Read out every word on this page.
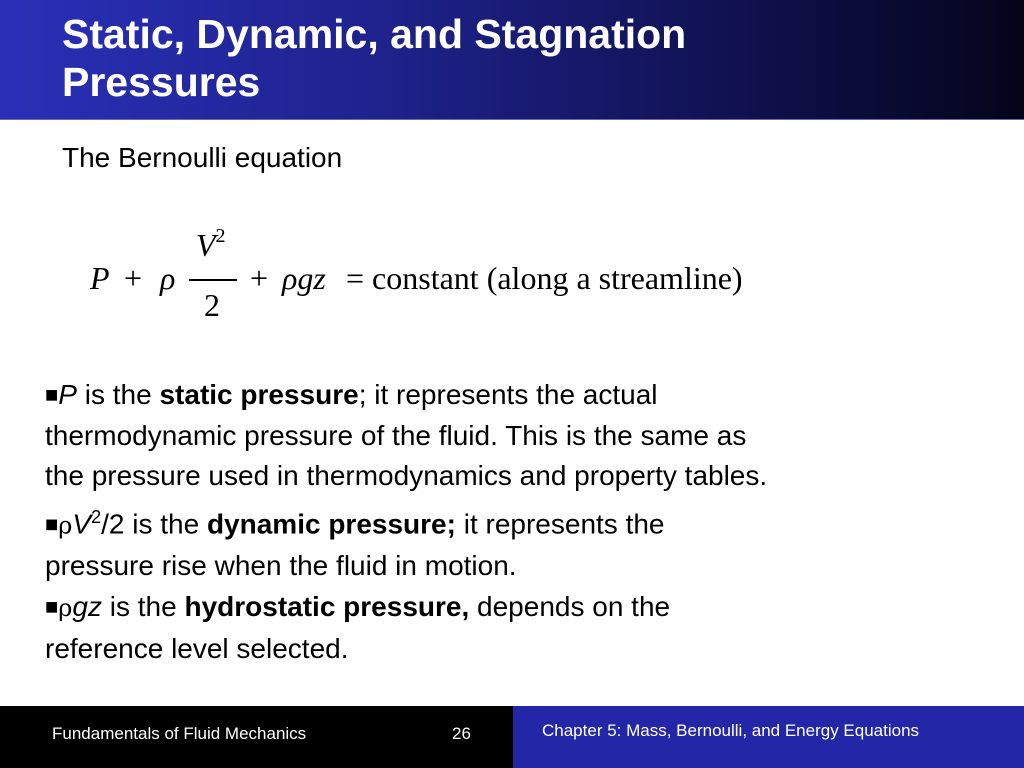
Static, Dynamic, and Stagnation
Pressures

The Bernoulli equation

P + ρ
$V^2$
2
+ ρgz = constant (along a streamline)

■P is the static pressure; it represents the actual
thermodynamic pressure of the fluid. This is the same as
the pressure used in thermodynamics and property tables.

$■\rho V^2/2$ is the dynamic pressure; it represents the
pressure rise when the fluid in motion.

■ρgz is the hydrostatic pressure, depends on the
reference level selected.

Fundamentals of Fluid Mechanics	26	Chapter 5: Mass, Bernoulli, and Energy Equations
